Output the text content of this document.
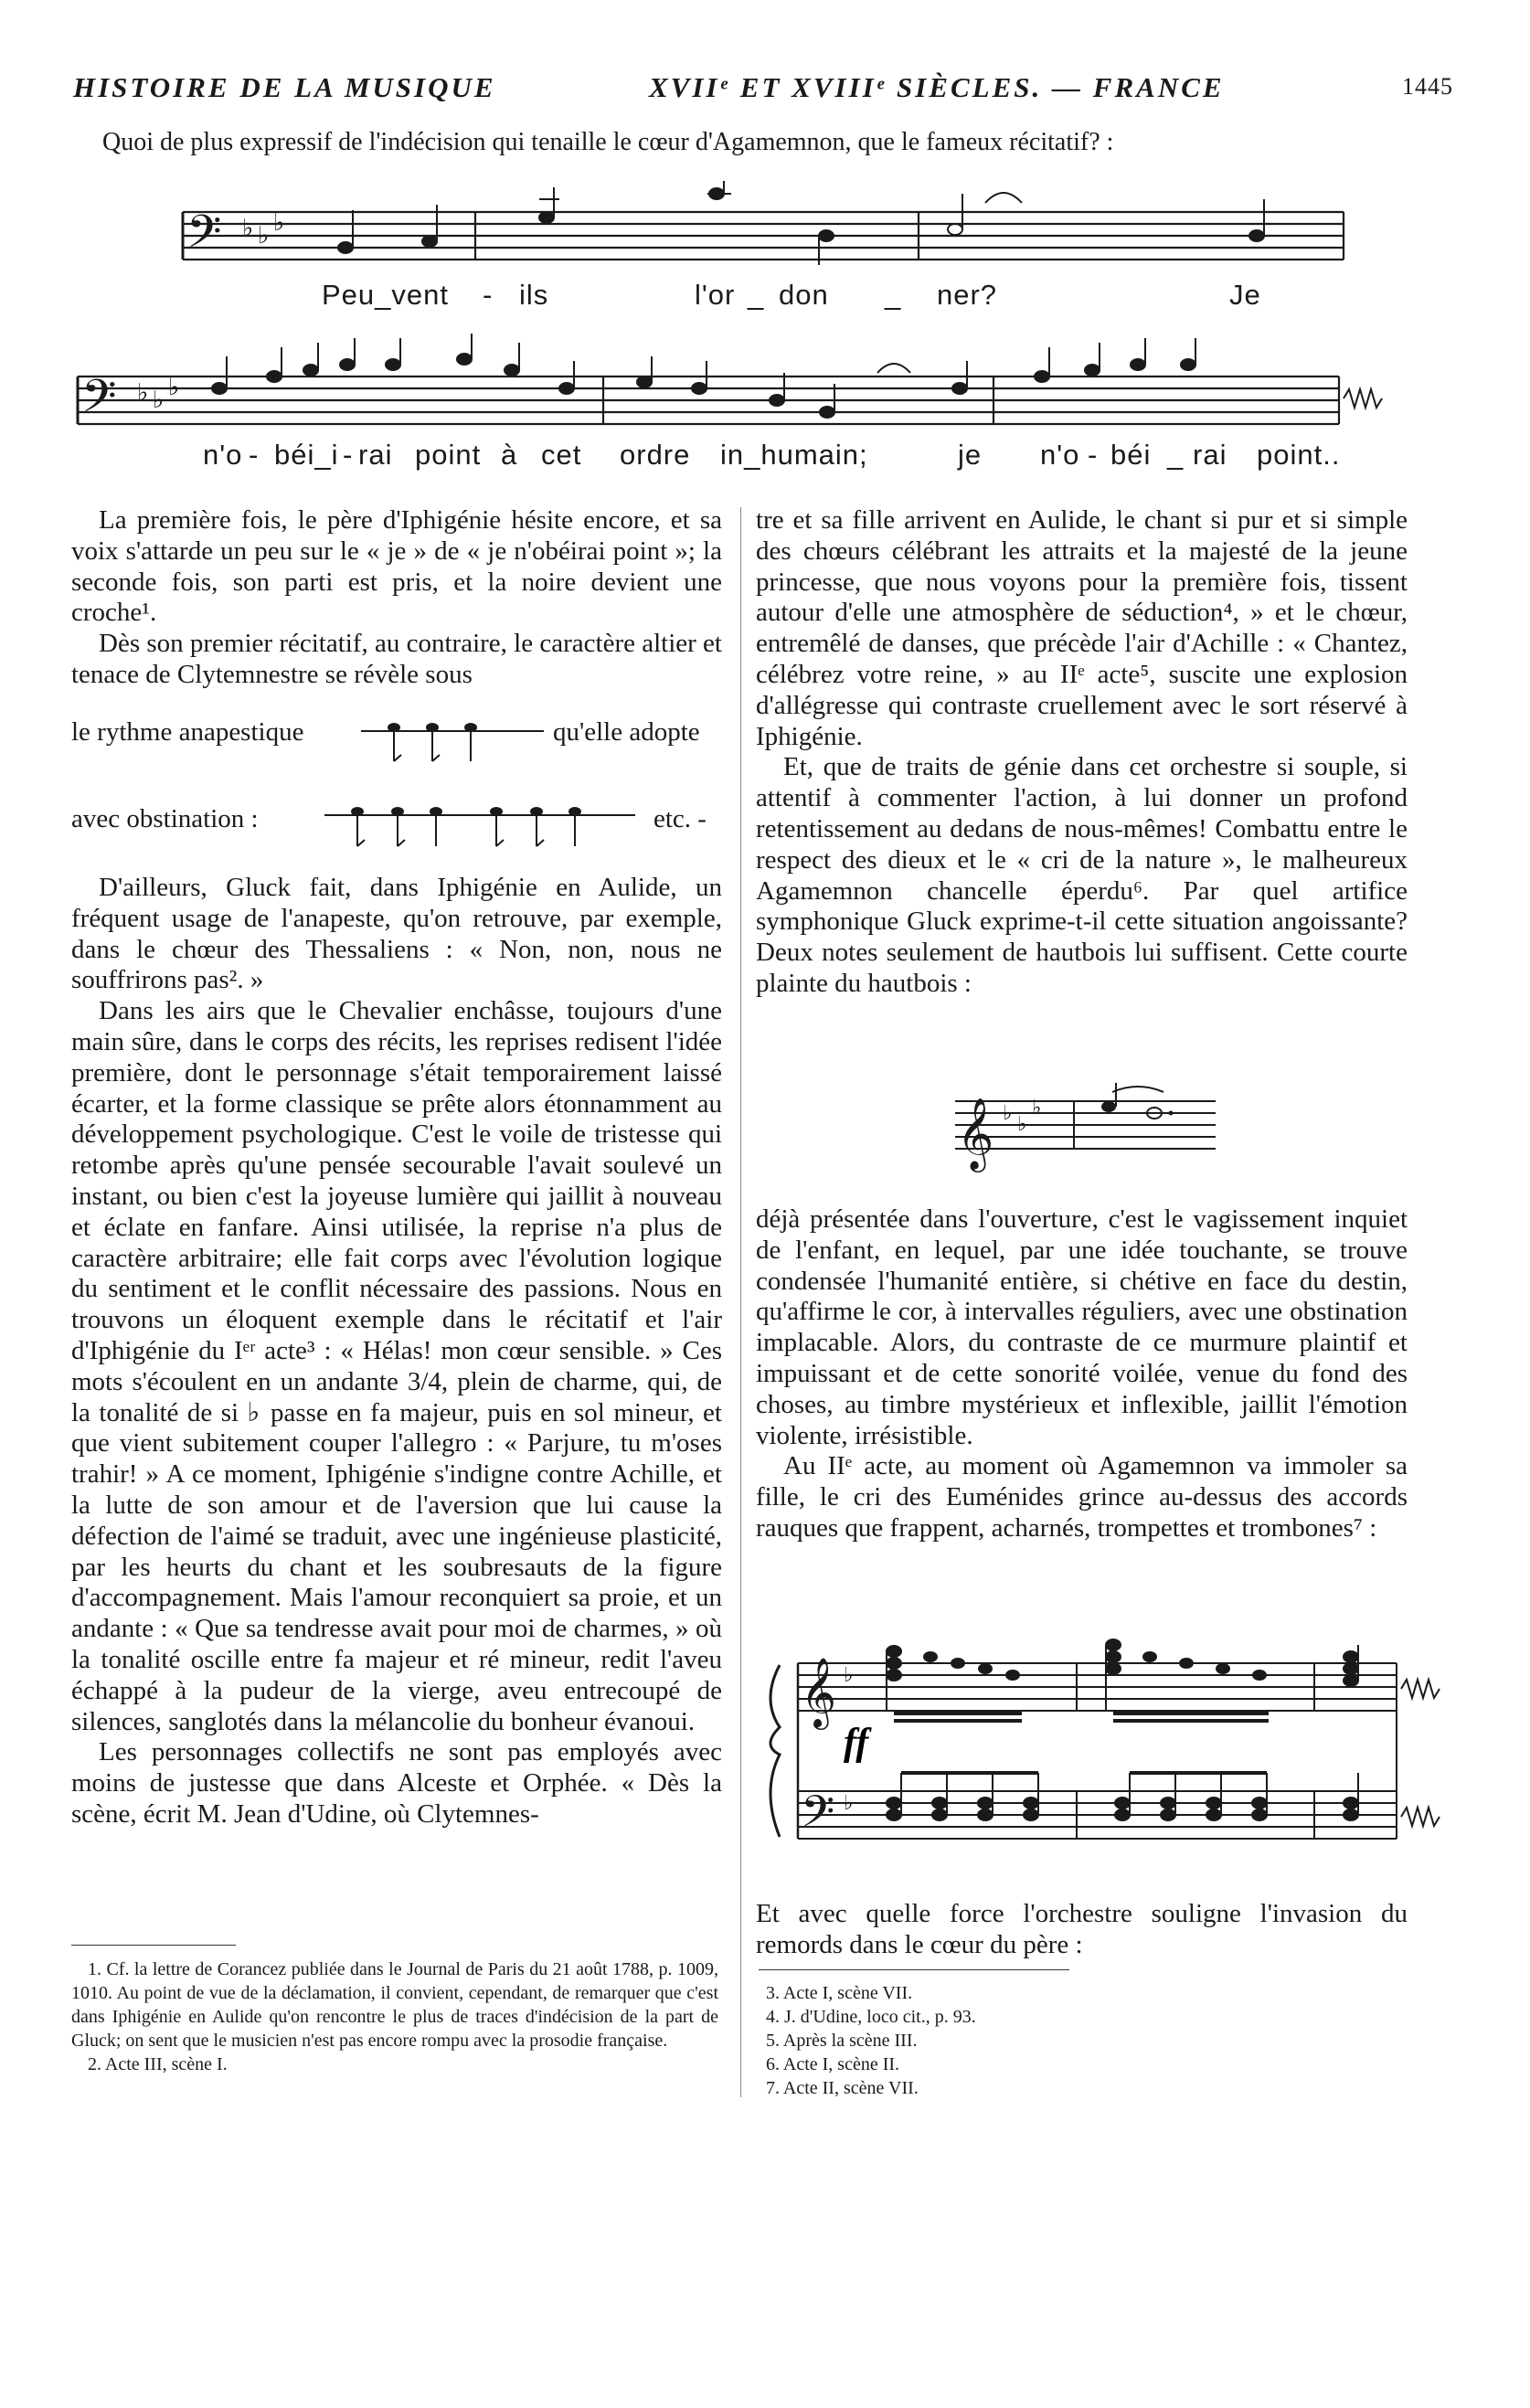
HISTOIRE DE LA MUSIQUE	XVIIᵉ ET XVIIIᵉ SIÈCLES. — FRANCE	1445
Quoi de plus expressif de l'indécision qui tenaille le cœur d'Agamemnon, que le fameux récitatif? :
𝄢
𝄢
♭ ♭ ♭
♭ ♭ ♭
Peu_vent - ils	l'or _ don _ ner?	Je
n'o - béi_i - rai point à cet ordre in_humain;	je n'o - béi _ rai point..

La première fois, le père d'Iphigénie hésite encore, et sa voix s'attarde un peu sur le « je » de « je n'obéirai point »; la seconde fois, son parti est pris, et la noire devient une croche¹.

Dès son premier récitatif, au contraire, le caractère altier et tenace de Clytemnestre se révèle sous

le rythme anapestique	qu'elle adopte
avec obstination :	etc. -

D'ailleurs, Gluck fait, dans Iphigénie en Aulide, un fréquent usage de l'anapeste, qu'on retrouve, par exemple, dans le chœur des Thessaliens : « Non, non, nous ne souffrirons pas². »

Dans les airs que le Chevalier enchâsse, toujours d'une main sûre, dans le corps des récits, les reprises redisent l'idée première, dont le personnage s'était temporairement laissé écarter, et la forme classique se prête alors étonnamment au développement psychologique. C'est le voile de tristesse qui retombe après qu'une pensée secourable l'avait soulevé un instant, ou bien c'est la joyeuse lumière qui jaillit à nouveau et éclate en fanfare. Ainsi utilisée, la reprise n'a plus de caractère arbitraire; elle fait corps avec l'évolution logique du sentiment et le conflit nécessaire des passions. Nous en trouvons un éloquent exemple dans le récitatif et l'air d'Iphigénie du Iᵉʳ acte³ : « Hélas! mon cœur sensible. » Ces mots s'écoulent en un andante 3/4, plein de charme, qui, de la tonalité de si ♭ passe en fa majeur, puis en sol mineur, et que vient subitement couper l'allegro : « Parjure, tu m'oses trahir! » A ce moment, Iphigénie s'indigne contre Achille, et la lutte de son amour et de l'aversion que lui cause la défection de l'aimé se traduit, avec une ingénieuse plasticité, par les heurts du chant et les soubresauts de la figure d'accompagnement. Mais l'amour reconquiert sa proie, et un andante : « Que sa tendresse avait pour moi de charmes, » où la tonalité oscille entre fa majeur et ré mineur, redit l'aveu échappé à la pudeur de la vierge, aveu entrecoupé de silences, sanglotés dans la mélancolie du bonheur évanoui.

Les personnages collectifs ne sont pas employés avec moins de justesse que dans Alceste et Orphée. « Dès la scène, écrit M. Jean d'Udine, où Clytemnes-

tre et sa fille arrivent en Aulide, le chant si pur et si simple des chœurs célébrant les attraits et la majesté de la jeune princesse, que nous voyons pour la première fois, tissent autour d'elle une atmosphère de séduction⁴, » et le chœur, entremêlé de danses, que précède l'air d'Achille : « Chantez, célébrez votre reine, » au IIᵉ acte⁵, suscite une explosion d'allégresse qui contraste cruellement avec le sort réservé à Iphigénie.

Et, que de traits de génie dans cet orchestre si souple, si attentif à commenter l'action, à lui donner un profond retentissement au dedans de nous-mêmes! Combattu entre le respect des dieux et le « cri de la nature », le malheureux Agamemnon chancelle éperdu⁶. Par quel artifice symphonique Gluck exprime-t-il cette situation angoissante? Deux notes seulement de hautbois lui suffisent. Cette courte plainte du hautbois :

𝄞 ♭ ♭
♭

déjà présentée dans l'ouverture, c'est le vagissement inquiet de l'enfant, en lequel, par une idée touchante, se trouve condensée l'humanité entière, si chétive en face du destin, qu'affirme le cor, à intervalles réguliers, avec une obstination implacable. Alors, du contraste de ce murmure plaintif et impuissant et de cette sonorité voilée, venue du fond des choses, au timbre mystérieux et inflexible, jaillit l'émotion violente, irrésistible.

Au IIᵉ acte, au moment où Agamemnon va immoler sa fille, le cri des Euménides grince au-dessus des accords rauques que frappent, acharnés, trompettes et trombones⁷ :

𝄞
𝄢
♭
♭
ff

Et avec quelle force l'orchestre souligne l'invasion du remords dans le cœur du père :

1. Cf. la lettre de Corancez publiée dans le Journal de Paris du 21 août 1788, p. 1009, 1010. Au point de vue de la déclamation, il convient, cependant, de remarquer que c'est dans Iphigénie en Aulide qu'on rencontre le plus de traces d'indécision de la part de Gluck; on sent que le musicien n'est pas encore rompu avec la prosodie française.

2. Acte III, scène I.

3. Acte I, scène VII.
4. J. d'Udine, loco cit., p. 93.
5. Après la scène III.
6. Acte I, scène II.
7. Acte II, scène VII.
